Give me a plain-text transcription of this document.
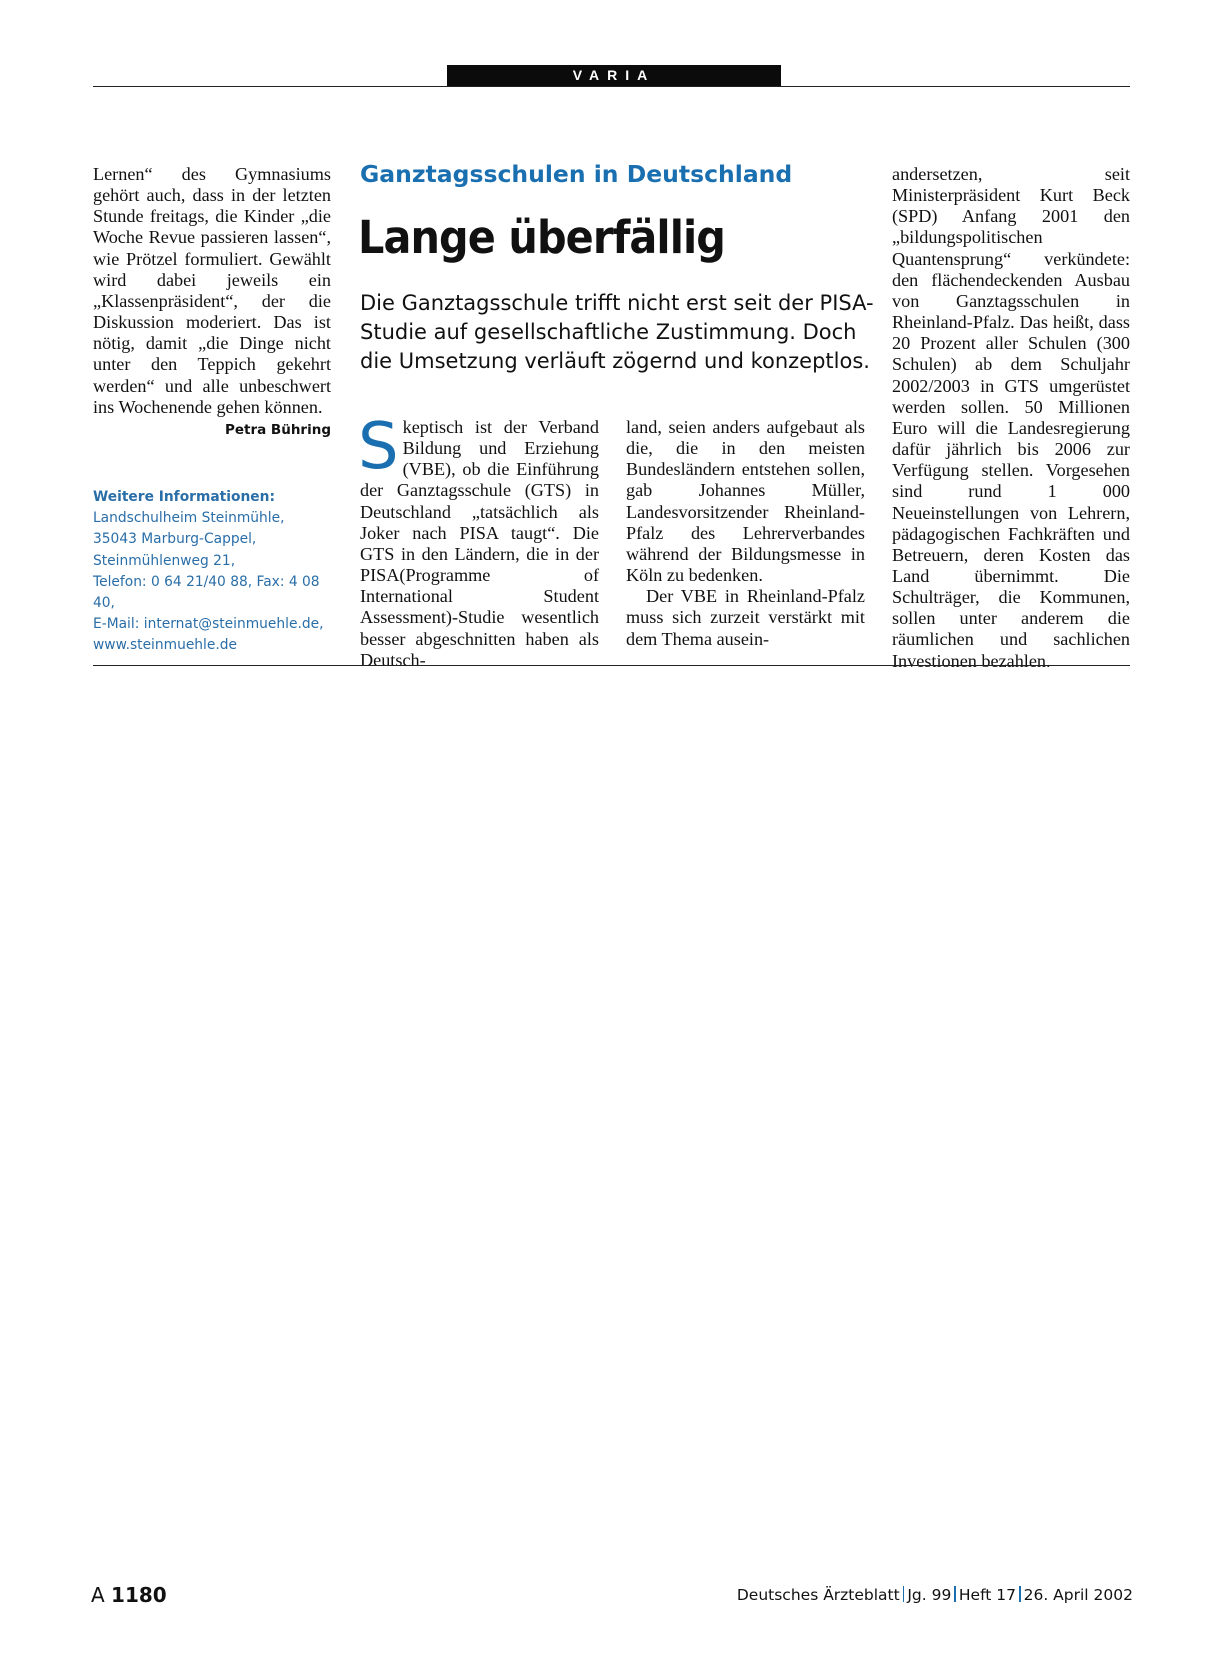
VARIA

Lernen“ des Gymnasiums gehört auch, dass in der letzten Stunde freitags, die Kinder „die Woche Revue passieren lassen“, wie Prötzel formuliert. Gewählt wird dabei jeweils ein „Klassenpräsident“, der die Diskussion moderiert. Das ist nötig, damit „die Dinge nicht unter den Teppich gekehrt werden“ und alle unbeschwert ins Wochenende gehen können.
Petra Bühring

Weitere Informationen:
Landschulheim Steinmühle,
35043 Marburg-Cappel,
Steinmühlenweg 21,
Telefon: 0 64 21/40 88, Fax: 4 08 40,
E-Mail: internat@steinmuehle.de,
www.steinmuehle.de
Ganztagsschulen in Deutschland
Lange überfällig
Die Ganztagsschule trifft nicht erst seit der PISA-Studie auf gesellschaftliche Zustimmung. Doch die Umsetzung verläuft zögernd und konzeptlos.

Skeptisch ist der Verband Bildung und Erziehung (VBE), ob die Einführung der Ganztagsschule (GTS) in Deutschland „tatsächlich als Joker nach PISA taugt“. Die GTS in den Ländern, die in der PISA(Programme of International Student Assessment)-Studie wesentlich besser abgeschnitten haben als Deutsch-

land, seien anders aufgebaut als die, die in den meisten Bundesländern entstehen sollen, gab Johannes Müller, Landesvorsitzender Rheinland-Pfalz des Lehrerverbandes während der Bildungsmesse in Köln zu bedenken.

Der VBE in Rheinland-Pfalz muss sich zurzeit verstärkt mit dem Thema ausein-

andersetzen, seit Ministerpräsident Kurt Beck (SPD) Anfang 2001 den „bildungspolitischen Quantensprung“ verkündete: den flächendeckenden Ausbau von Ganztagsschulen in Rheinland-Pfalz. Das heißt, dass 20 Prozent aller Schulen (300 Schulen) ab dem Schuljahr 2002/2003 in GTS umgerüstet werden sollen. 50 Millionen Euro will die Landesregierung dafür jährlich bis 2006 zur Verfügung stellen. Vorgesehen sind rund 1 000 Neueinstellungen von Lehrern, pädagogischen Fachkräften und Betreuern, deren Kosten das Land übernimmt. Die Schulträger, die Kommunen, sollen unter anderem die räumlichen und sachlichen Investionen bezahlen.

A 1180	Deutsches Ärzteblatt Jg. 99 Heft 17 26. April 2002
